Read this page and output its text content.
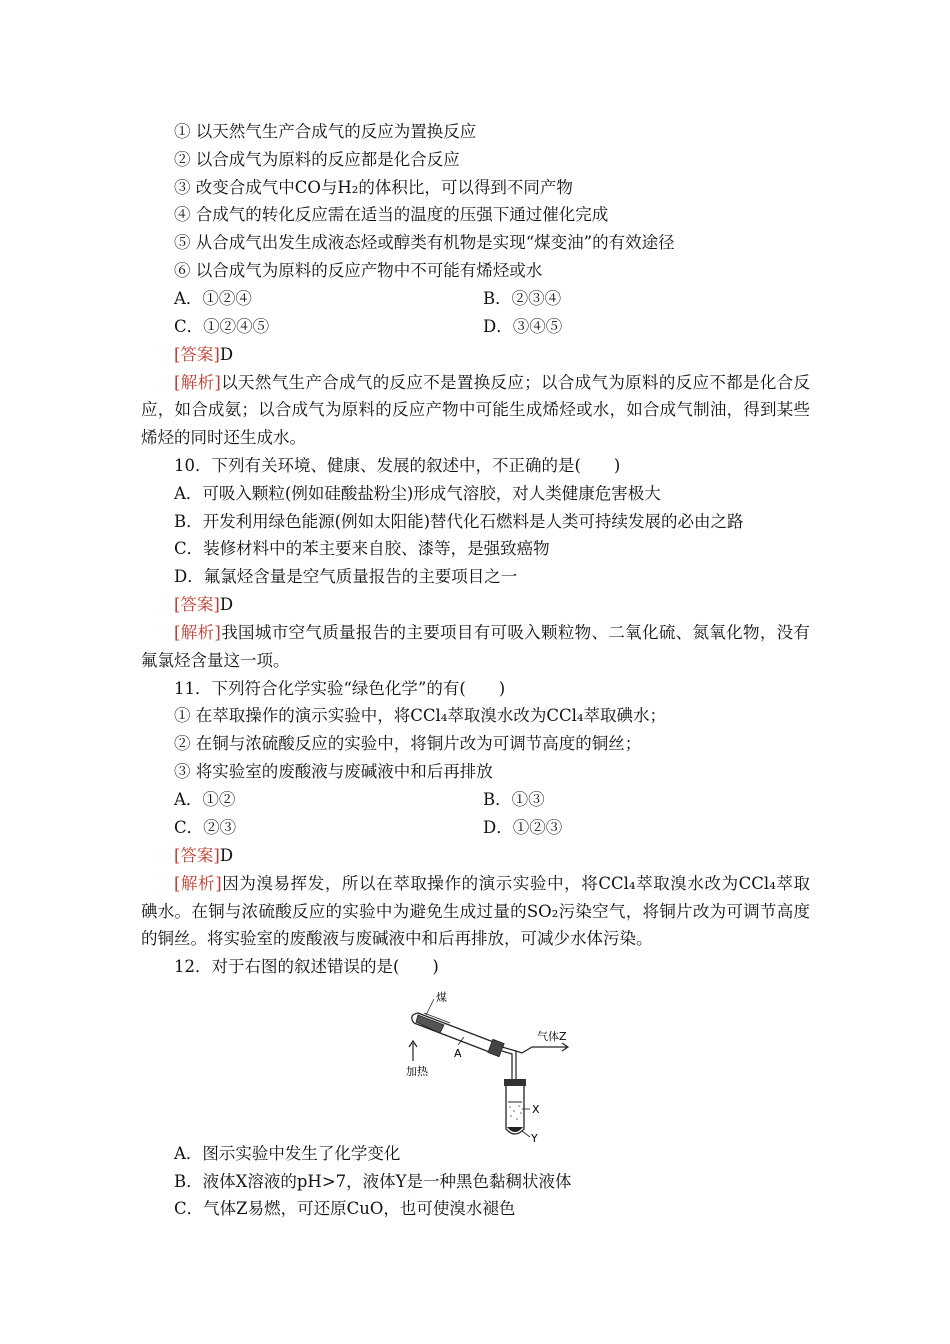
① 以天然气生产合成气的反应为置换反应
② 以合成气为原料的反应都是化合反应
③ 改变合成气中CO与H₂的体积比，可以得到不同产物
④ 合成气的转化反应需在适当的温度的压强下通过催化完成
⑤ 从合成气出发生成液态烃或醇类有机物是实现“煤变油”的有效途径
⑥ 以合成气为原料的反应产物中不可能有烯烃或水
A．①②④	B．②③④
C．①②④⑤	D．③④⑤
[答案]D
[解析]以天然气生产合成气的反应不是置换反应；以合成气为原料的反应不都是化合反
应，如合成氨；以合成气为原料的反应产物中可能生成烯烃或水，如合成气制油，得到某些
烯烃的同时还生成水。
10．下列有关环境、健康、发展的叙述中，不正确的是(　　)
A．可吸入颗粒(例如硅酸盐粉尘)形成气溶胶，对人类健康危害极大
B．开发利用绿色能源(例如太阳能)替代化石燃料是人类可持续发展的必由之路
C．装修材料中的苯主要来自胶、漆等，是强致癌物
D．氟氯烃含量是空气质量报告的主要项目之一
[答案]D
[解析]我国城市空气质量报告的主要项目有可吸入颗粒物、二氧化硫、氮氧化物，没有
氟氯烃含量这一项。
11．下列符合化学实验“绿色化学”的有(　　)
① 在萃取操作的演示实验中，将CCl₄萃取溴水改为CCl₄萃取碘水；
② 在铜与浓硫酸反应的实验中，将铜片改为可调节高度的铜丝；
③ 将实验室的废酸液与废碱液中和后再排放
A．①②	B．①③
C．②③	D．①②③
[答案]D
[解析]因为溴易挥发，所以在萃取操作的演示实验中，将CCl₄萃取溴水改为CCl₄萃取
碘水。在铜与浓硫酸反应的实验中为避免生成过量的SO₂污染空气，将铜片改为可调节高度
的铜丝。将实验室的废酸液与废碱液中和后再排放，可减少水体污染。
12．对于右图的叙述错误的是(　　)
煤
加热
A
气体Z
X
Y
A．图示实验中发生了化学变化
B．液体X溶液的pH>7，液体Y是一种黑色黏稠状液体
C．气体Z易燃，可还原CuO，也可使溴水褪色
